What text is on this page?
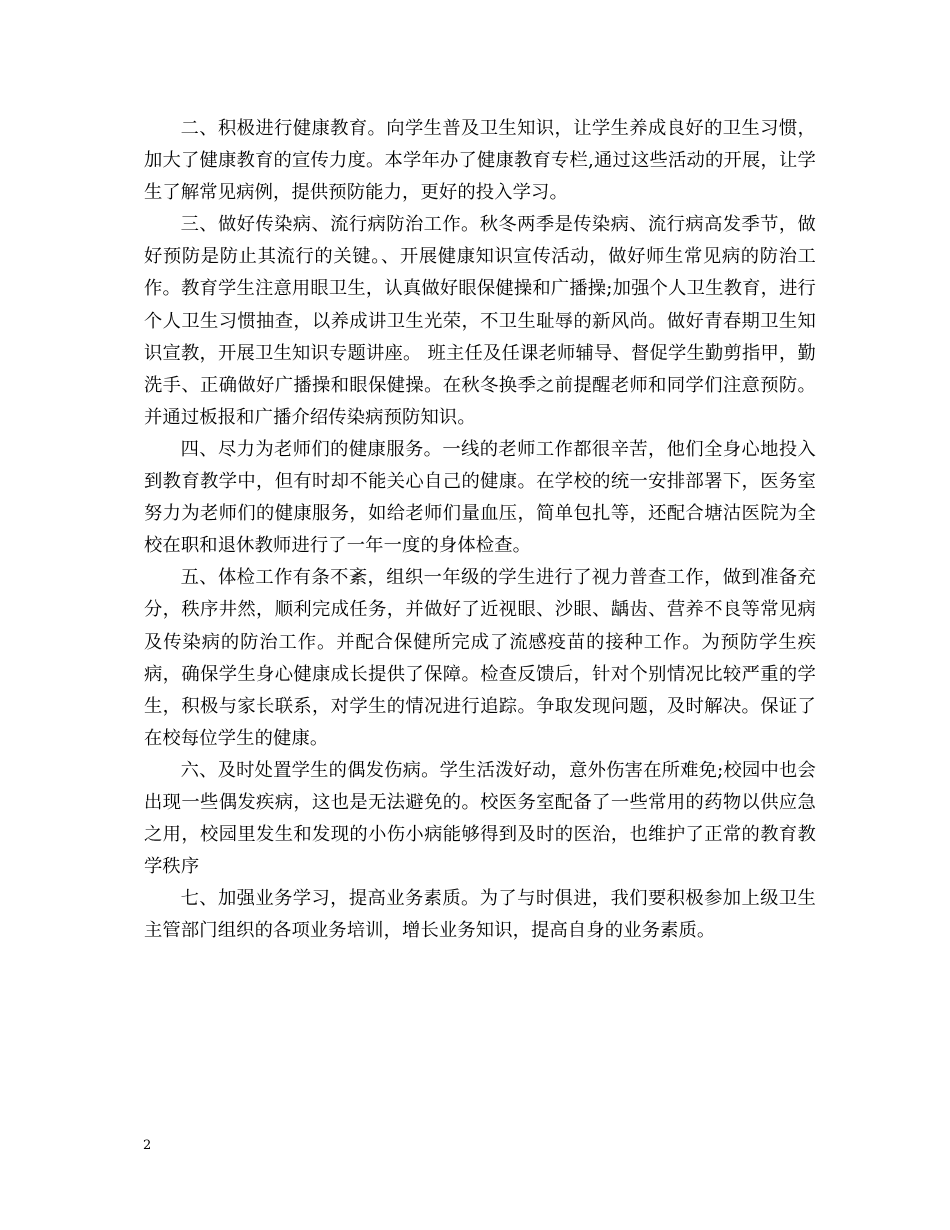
二、积极进行健康教育。向学生普及卫生知识，让学生养成良好的卫生习惯，加大了健康教育的宣传力度。本学年办了健康教育专栏,通过这些活动的开展，让学生了解常见病例，提供预防能力，更好的投入学习。

三、做好传染病、流行病防治工作。秋冬两季是传染病、流行病高发季节，做好预防是防止其流行的关键。、开展健康知识宣传活动，做好师生常见病的防治工作。教育学生注意用眼卫生，认真做好眼保健操和广播操;加强个人卫生教育，进行个人卫生习惯抽查，以养成讲卫生光荣，不卫生耻辱的新风尚。做好青春期卫生知识宣教，开展卫生知识专题讲座。 班主任及任课老师辅导、督促学生勤剪指甲，勤洗手、正确做好广播操和眼保健操。在秋冬换季之前提醒老师和同学们注意预防。并通过板报和广播介绍传染病预防知识。

四、尽力为老师们的健康服务。一线的老师工作都很辛苦，他们全身心地投入到教育教学中，但有时却不能关心自己的健康。在学校的统一安排部署下，医务室努力为老师们的健康服务，如给老师们量血压，简单包扎等，还配合塘沽医院为全校在职和退休教师进行了一年一度的身体检查。

五、体检工作有条不紊，组织一年级的学生进行了视力普查工作，做到准备充分，秩序井然，顺利完成任务，并做好了近视眼、沙眼、龋齿、营养不良等常见病及传染病的防治工作。并配合保健所完成了流感疫苗的接种工作。为预防学生疾病，确保学生身心健康成长提供了保障。检查反馈后，针对个别情况比较严重的学生，积极与家长联系，对学生的情况进行追踪。争取发现问题，及时解决。保证了在校每位学生的健康。

六、及时处置学生的偶发伤病。学生活泼好动，意外伤害在所难免;校园中也会出现一些偶发疾病，这也是无法避免的。校医务室配备了一些常用的药物以供应急之用，校园里发生和发现的小伤小病能够得到及时的医治，也维护了正常的教育教学秩序

七、加强业务学习，提高业务素质。为了与时俱进，我们要积极参加上级卫生主管部门组织的各项业务培训，增长业务知识，提高自身的业务素质。

2
